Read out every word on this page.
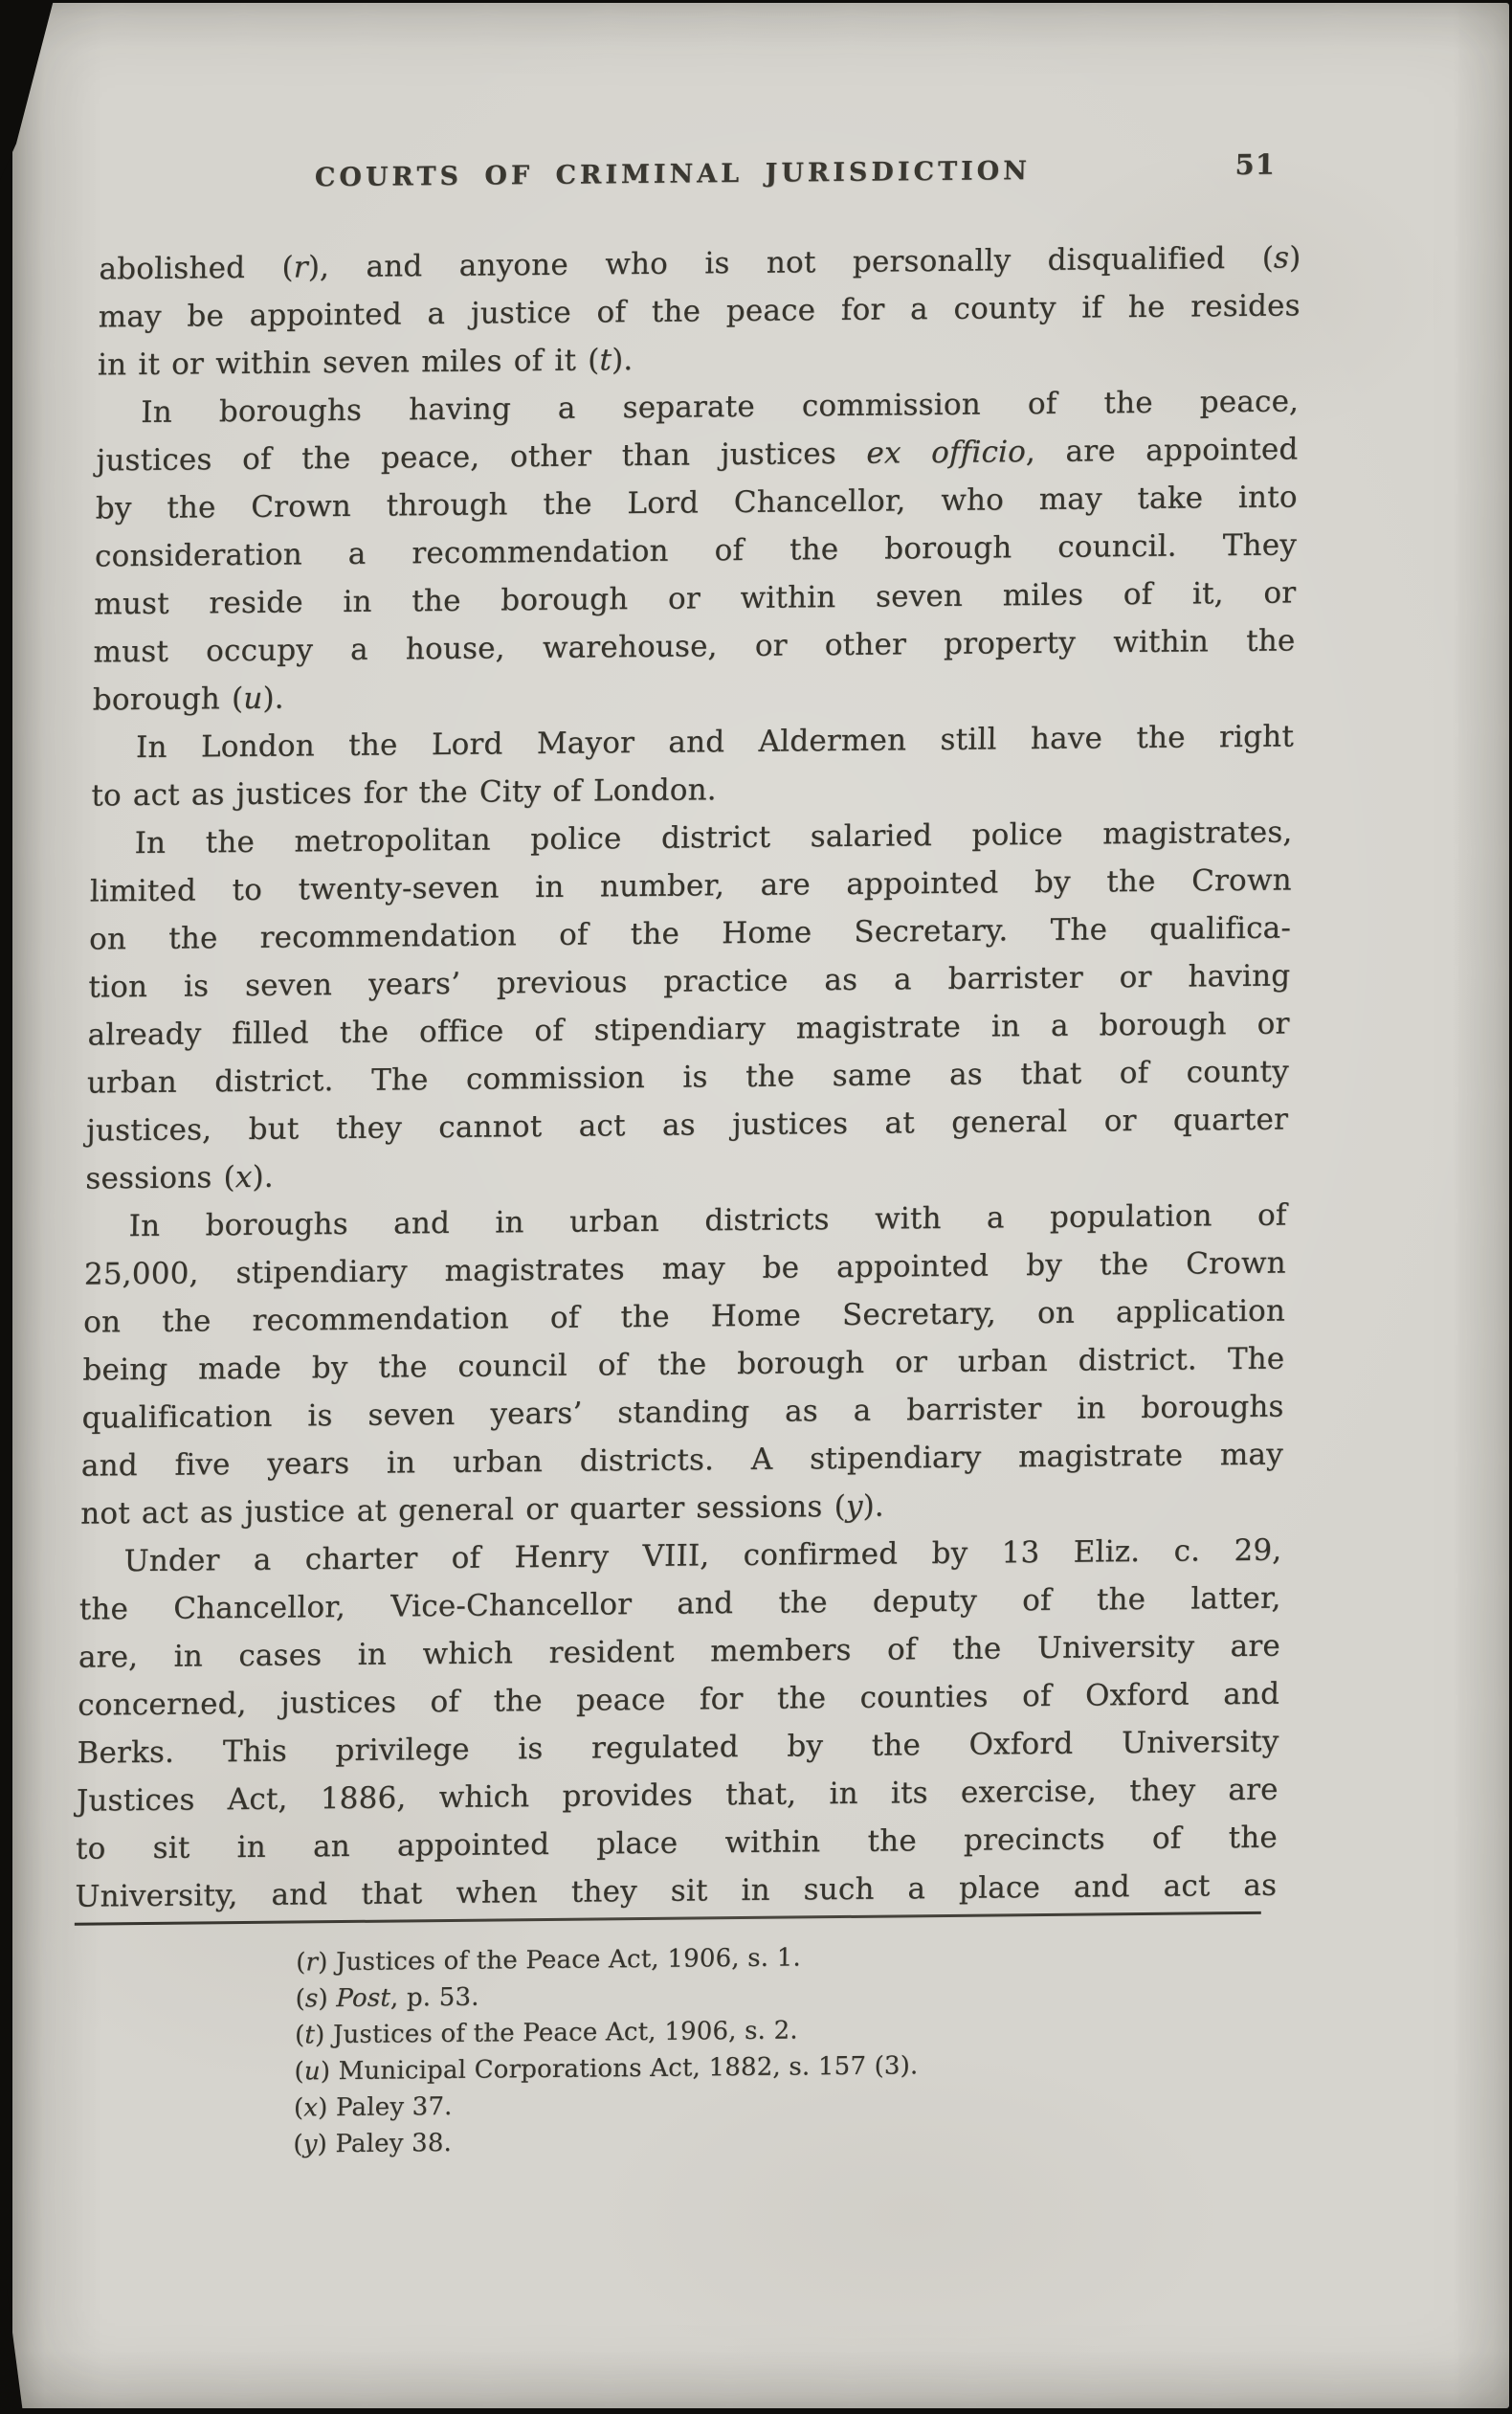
COURTS OF CRIMINAL JURISDICTION	51
abolished (r), and anyone who is not personally disqualified (s)
may be appointed a justice of the peace for a county if he resides
in it or within seven miles of it (t).
In boroughs having a separate commission of the peace,
justices of the peace, other than justices ex officio, are appointed
by the Crown through the Lord Chancellor, who may take into
consideration a recommendation of the borough council. They
must reside in the borough or within seven miles of it, or
must occupy a house, warehouse, or other property within the
borough (u).
In London the Lord Mayor and Aldermen still have the right
to act as justices for the City of London.
In the metropolitan police district salaried police magistrates,
limited to twenty-seven in number, are appointed by the Crown
on the recommendation of the Home Secretary. The qualifica-
tion is seven years’ previous practice as a barrister or having
already filled the office of stipendiary magistrate in a borough or
urban district. The commission is the same as that of county
justices, but they cannot act as justices at general or quarter
sessions (x).
In boroughs and in urban districts with a population of
25,000, stipendiary magistrates may be appointed by the Crown
on the recommendation of the Home Secretary, on application
being made by the council of the borough or urban district. The
qualification is seven years’ standing as a barrister in boroughs
and five years in urban districts. A stipendiary magistrate may
not act as justice at general or quarter sessions (y).
Under a charter of Henry VIII, confirmed by 13 Eliz. c. 29,
the Chancellor, Vice-Chancellor and the deputy of the latter,
are, in cases in which resident members of the University are
concerned, justices of the peace for the counties of Oxford and
Berks. This privilege is regulated by the Oxford University
Justices Act, 1886, which provides that, in its exercise, they are
to sit in an appointed place within the precincts of the
University, and that when they sit in such a place and act as
(r) Justices of the Peace Act, 1906, s. 1.
(s) Post, p. 53.
(t) Justices of the Peace Act, 1906, s. 2.
(u) Municipal Corporations Act, 1882, s. 157 (3).
(x) Paley 37.
(y) Paley 38.
